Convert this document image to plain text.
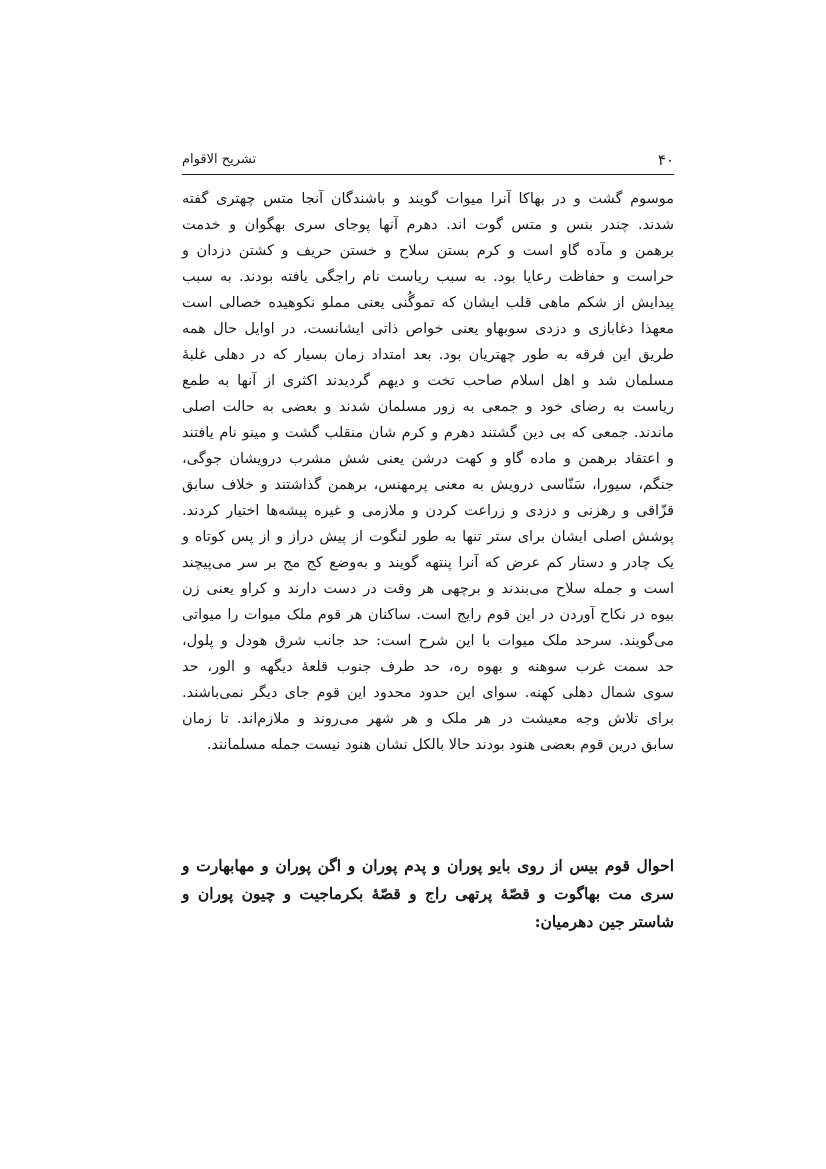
۴۰
تشریح الاقوام

موسوم گشت و در بهاکا آنرا میوات گویند و باشندگان آنجا متس چهتری گفته

شدند. چندر بنس و متس گوت اند. دهرم آنها پوجای سری بهگوان و خدمت

برهمن و مآده گاو است و کرم بستن سلاح و خستن حریف و کشتن دزدان و

حراست و حفاظت رعایا بود. به سبب ریاست نام راجگی یافته بودند. به سبب

پیدایش از شکم ماهی قلب ایشان که تموگُنی یعنی مملو نکوهیده خصالی است

معهذا دغابازی و دزدی سوبهاو یعنی خواص ذاتی ایشانست. در اوایل حال همه

طریق این فرقه به طور چهتریان بود. بعد امتداد زمان بسیار که در دهلی غلبۀ

مسلمان شد و اهل اسلام صاحب تخت و دیهم گردیدند اکثری از آنها به طمع

ریاست به رضای خود و جمعی به زور مسلمان شدند و بعضی به حالت اصلی

ماندند. جمعی که بی دین گشتند دهرم و کرم شان منقلب گشت و مینو نام یافتند

و اعتقاد برهمن و ماده گاو و کهت درشن یعنی شش مشرب درویشان جوگی،

جنگم، سیورا، سَنّاسی درویش به معنی پرمهنس، برهمن گذاشتند و خلاف سابق

قزّاقی و رهزنی و دزدی و زراعت کردن و ملازمی و غیره پیشه‌ها اختیار کردند.

پوشش اصلی ایشان برای ستر تنها به طور لنگوت از پیش دراز و از پس کوتاه و

یک چادر و دستار کم عرض که آنرا پنتهه گویند و به‌وضع کج مج بر سر می‌پیچند

است و جمله سلاح می‌بندند و برچهی هر وقت در دست دارند و کراو یعنی زن

بیوه در نکاح آوردن در این قوم رایج است. ساکنان هر قوم ملک میوات را میواتی

می‌گویند. سرحد ملک میوات با این شرح است: حد جانب شرق هودل و پلول،

حد سمت غرب سوهنه و بهوه ره، حد طرف جنوب قلعۀ دیگهه و الور، حد

سوی شمال دهلی کهنه. سوای این حدود محدود این قوم جای دیگر نمی‌باشند.

برای تلاش وجه معیشت در هر ملک و هر شهر می‌روند و ملازم‌اند. تا زمان

سابق درین قوم بعضی هنود بودند حالا بالکل نشان هنود نیست جمله مسلمانند.

احوال قوم بیس از روی بایو پوران و پدم پوران و اگن پوران و مهابهارت و

سری مت بهاگوت و قصّۀ پرتهی راج و قصّۀ بکرماجیت و چیون پوران و

شاستر جین دهرمیان:
